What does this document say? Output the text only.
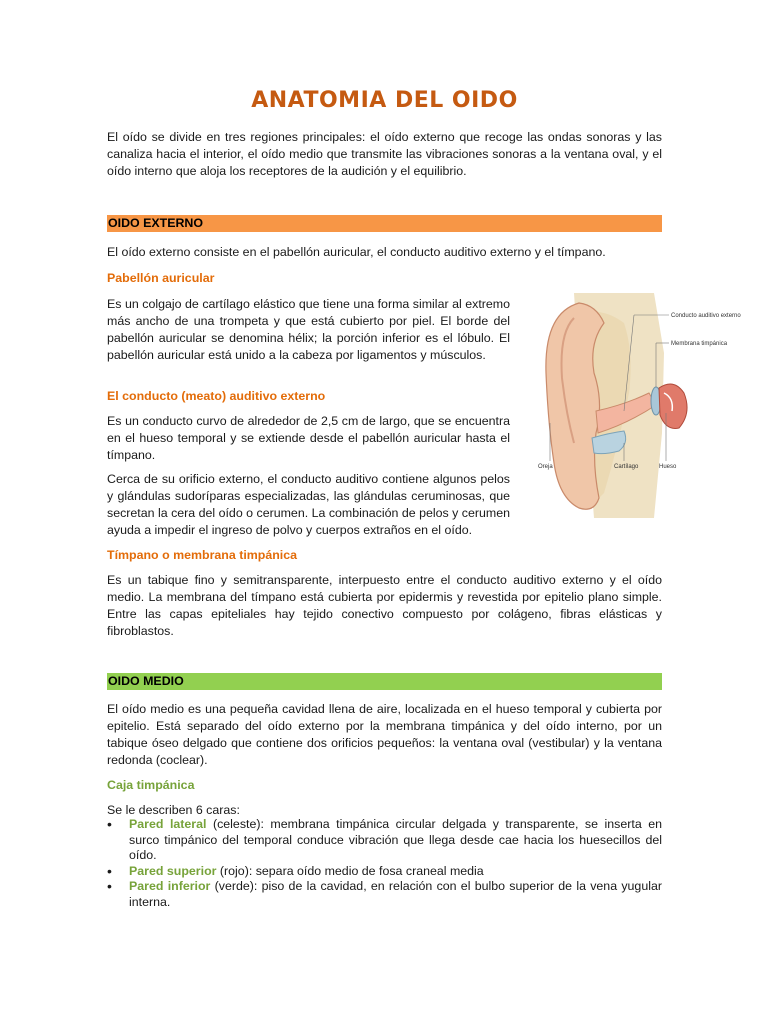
ANATOMIA DEL OIDO

El oído se divide en tres regiones principales: el oído externo que recoge las ondas sonoras y las canaliza hacia el interior, el oído medio que transmite las vibraciones sonoras a la ventana oval, y el oído interno que aloja los receptores de la audición y el equilibrio.

OIDO EXTERNO

El oído externo consiste en el pabellón auricular, el conducto auditivo externo y el tímpano.

Pabellón auricular

Es un colgajo de cartílago elástico que tiene una forma similar al extremo más ancho de una trompeta y que está cubierto por piel. El borde del pabellón auricular se denomina hélix; la porción inferior es el lóbulo. El pabellón auricular está unido a la cabeza por ligamentos y músculos.

El conducto (meato) auditivo externo

Es un conducto curvo de alrededor de 2,5 cm de largo, que se encuentra en el hueso temporal y se extiende desde el pabellón auricular hasta el tímpano.

Cerca de su orificio externo, el conducto auditivo contiene algunos pelos y glándulas sudoríparas especializadas, las glándulas ceruminosas, que secretan la cera del oído o cerumen. La combinación de pelos y cerumen ayuda a impedir el ingreso de polvo y cuerpos extraños en el oído.

Tímpano o membrana timpánica

Es un tabique fino y semitransparente, interpuesto entre el conducto auditivo externo y el oído medio. La membrana del tímpano está cubierta por epidermis y revestida por epitelio plano simple. Entre las capas epiteliales hay tejido conectivo compuesto por colágeno, fibras elásticas y fibroblastos.

OIDO MEDIO

El oído medio es una pequeña cavidad llena de aire, localizada en el hueso temporal y cubierta por epitelio. Está separado del oído externo por la membrana timpánica y del oído interno, por un tabique óseo delgado que contiene dos orificios pequeños: la ventana oval (vestibular) y la ventana redonda (coclear).

Caja timpánica

Se le describen 6 caras:

• Pared lateral (celeste): membrana timpánica circular delgada y transparente, se inserta en surco timpánico del temporal conduce vibración que llega desde cae hacia los huesecillos del oído.
• Pared superior (rojo): separa oído medio de fosa craneal media
• Pared inferior (verde): piso de la cavidad, en relación con el bulbo superior de la vena yugular interna.
Conducto auditivo externo
Membrana timpánica
Oreja	Cartílago	Hueso
